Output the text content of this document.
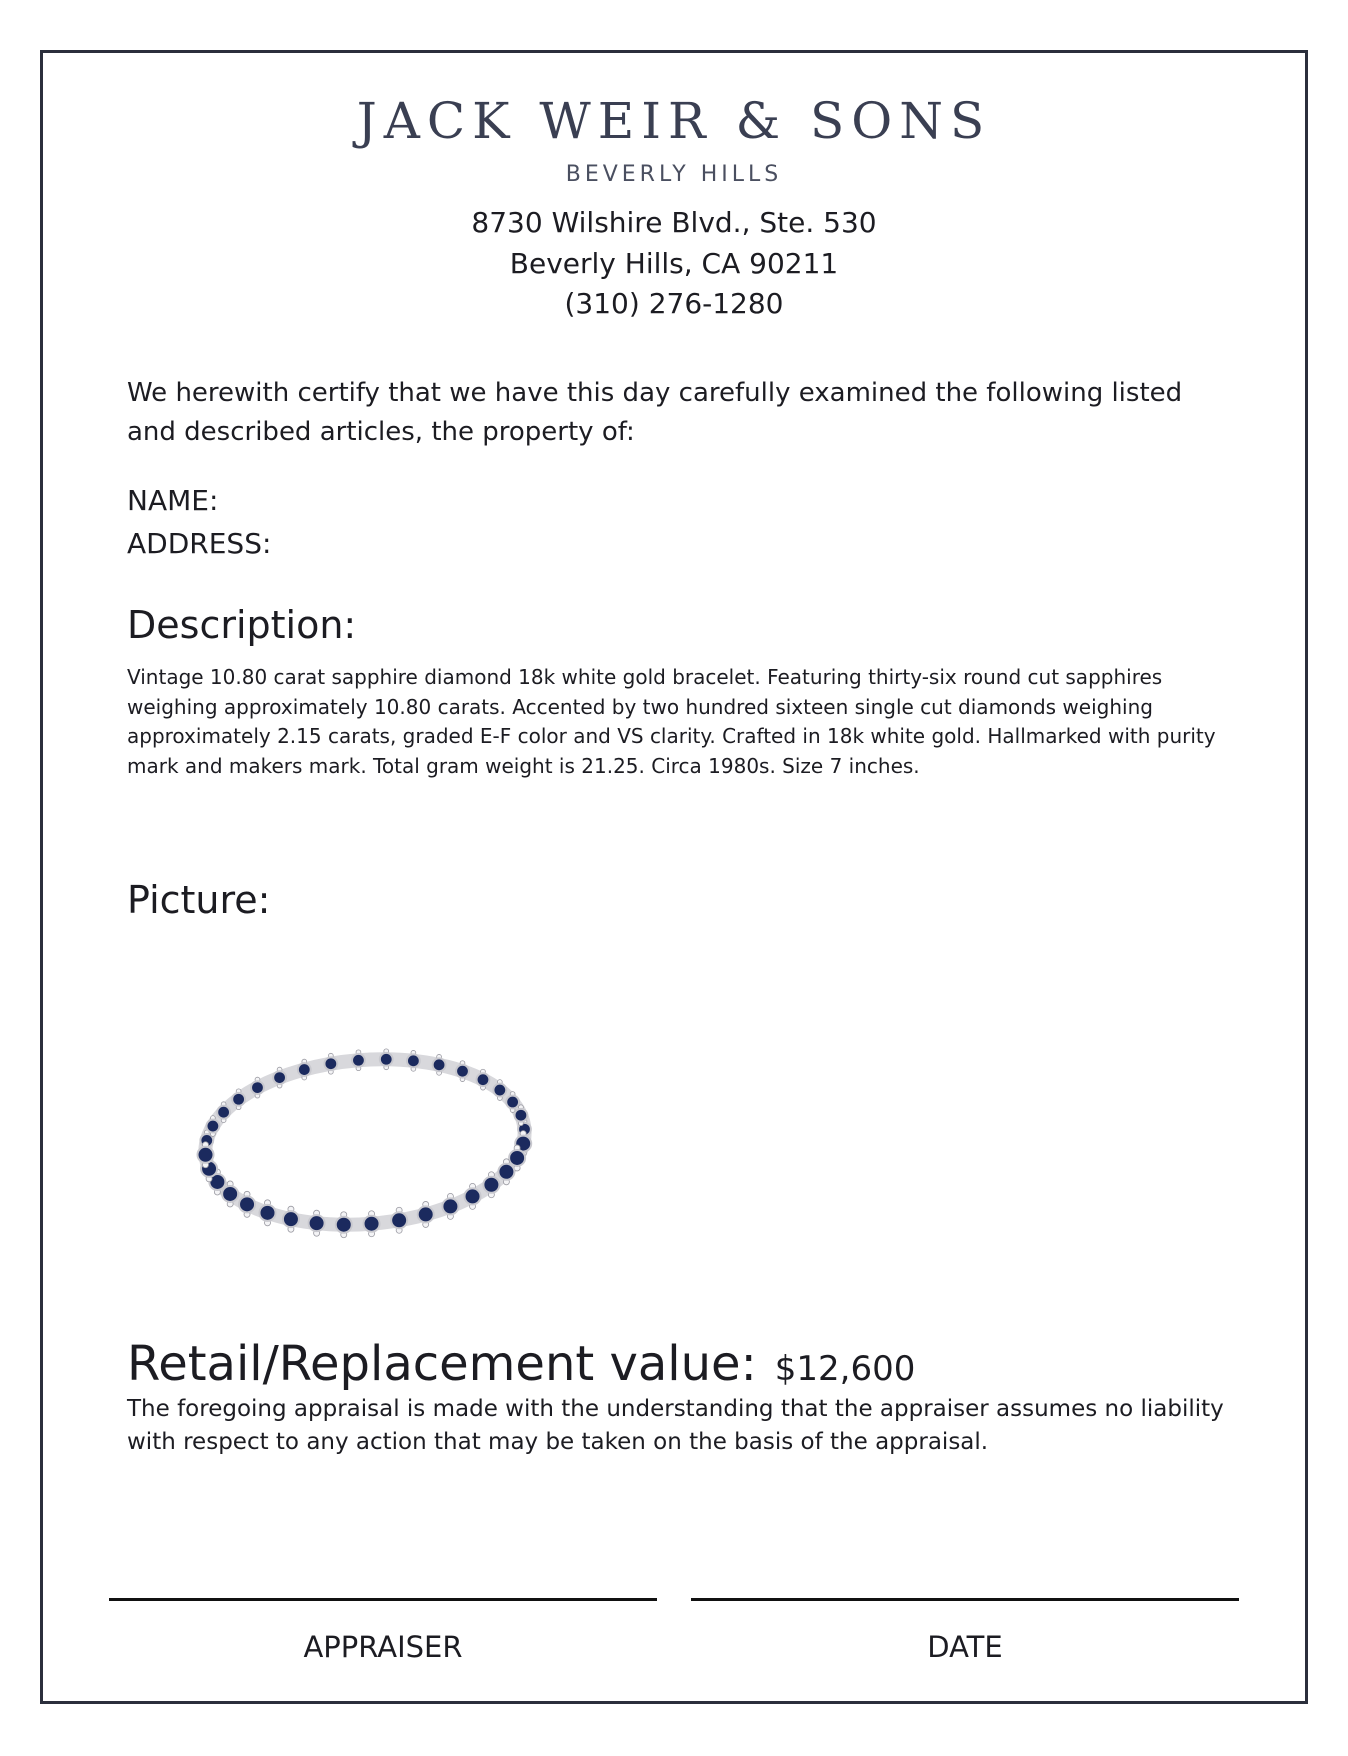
JACK WEIR & SONS
BEVERLY HILLS
8730 Wilshire Blvd., Ste. 530
Beverly Hills, CA 90211
(310) 276-1280
We herewith certify that we have this day carefully examined the following listed and described articles, the property of:
NAME:
ADDRESS:
Description:
Vintage 10.80 carat sapphire diamond 18k white gold bracelet. Featuring thirty-six round cut sapphires weighing approximately 10.80 carats. Accented by two hundred sixteen single cut diamonds weighing approximately 2.15 carats, graded E-F color and VS clarity. Crafted in 18k white gold. Hallmarked with purity mark and makers mark. Total gram weight is 21.25. Circa 1980s. Size 7 inches.
Picture:
Retail/Replacement value: $12,600
The foregoing appraisal is made with the understanding that the appraiser assumes no liability with respect to any action that may be taken on the basis of the appraisal.
APPRAISER	DATE
